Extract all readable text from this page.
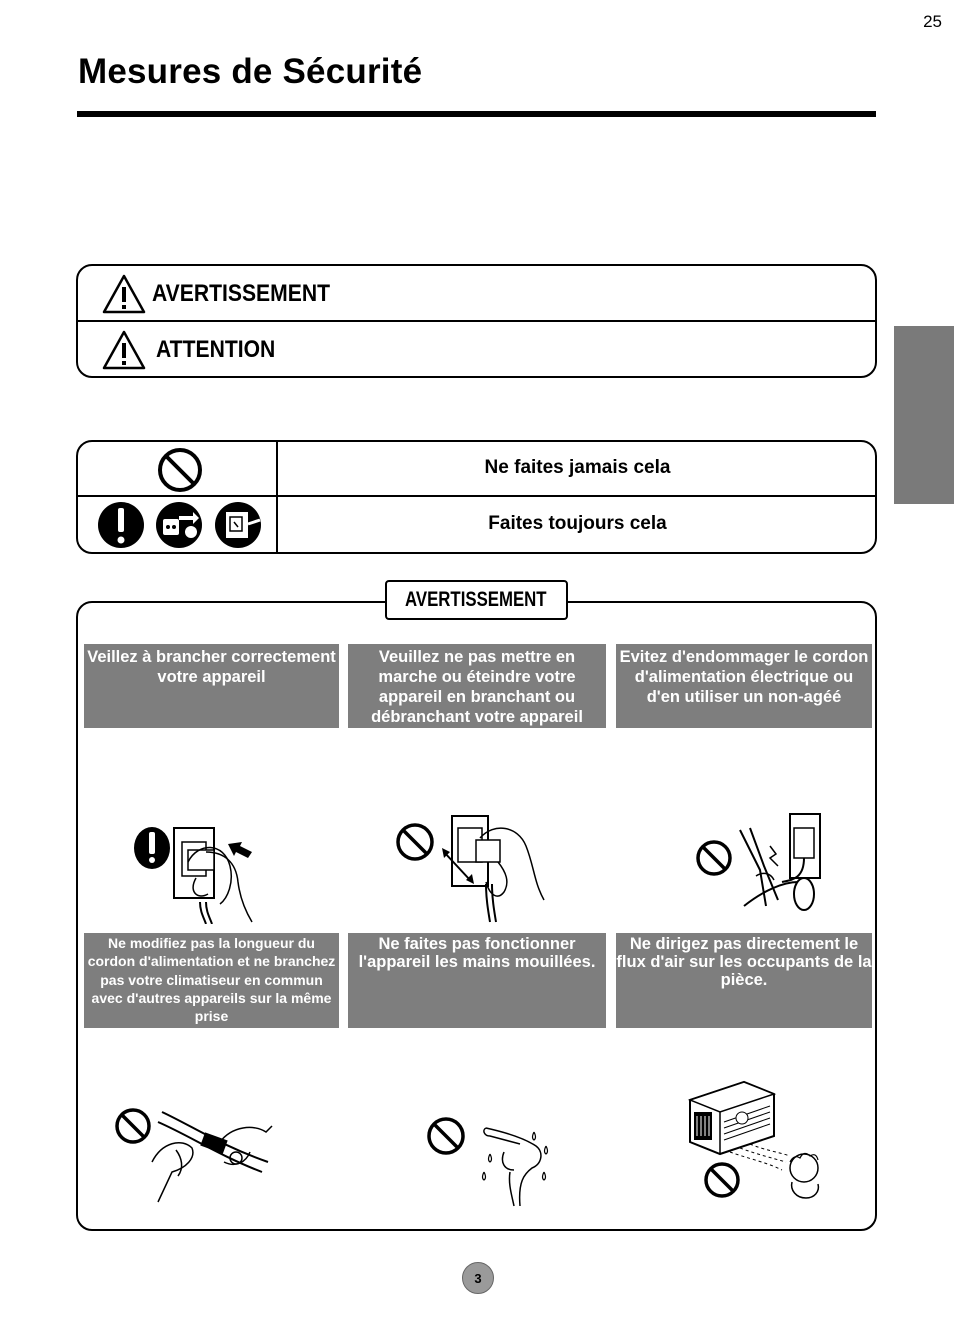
25
Mesures de Sécurité
AVERTISSEMENT
ATTENTION
Ne faites jamais cela
Faites toujours cela
AVERTISSEMENT
Veillez à brancher correctement votre appareil
Veuillez ne pas mettre en marche ou éteindre votre appareil en branchant ou débranchant votre appareil
Evitez d'endommager le cordon d'alimentation électrique ou d'en utiliser un non-agéé
Ne modifiez pas la longueur du cordon d'alimentation et ne branchez pas votre climatiseur en commun avec d'autres appareils sur la même prise
Ne faites pas fonctionner l'appareil les mains mouillées.
Ne dirigez pas directement le flux d'air sur les occupants de la pièce.
3
